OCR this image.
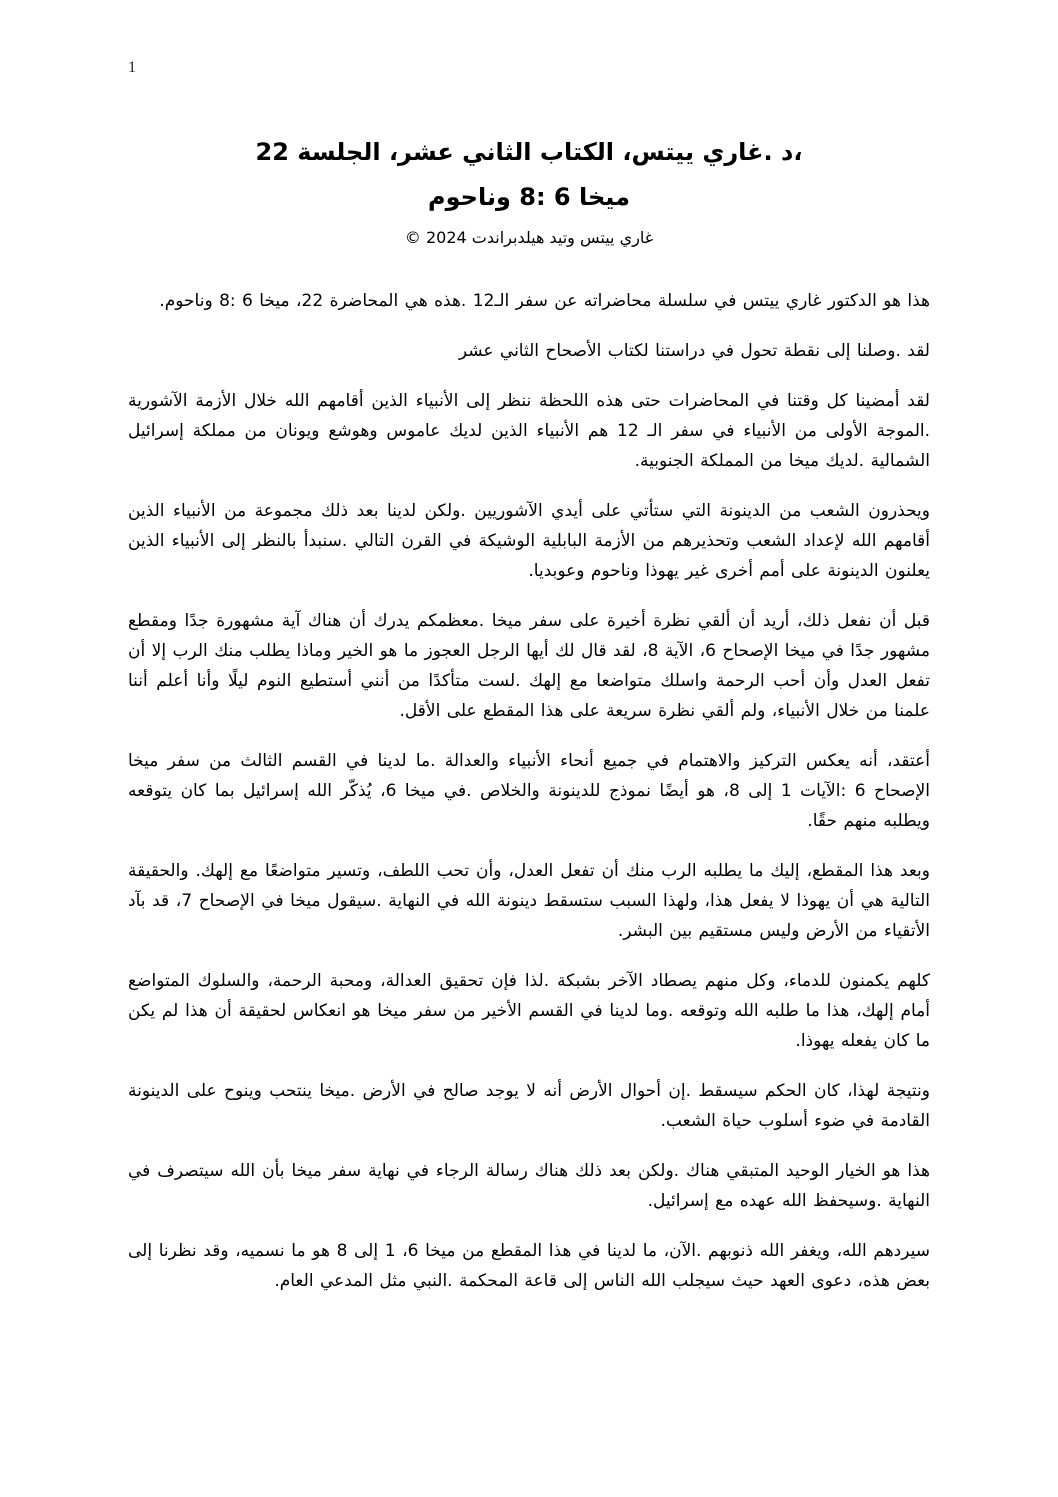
1
،د .غاري ييتس، الكتاب الثاني عشر، الجلسة 22
ميخا 6 :8 وناحوم
غاري ييتس وتيد هيلدبراندت 2024 ©

هذا هو الدكتور غاري ييتس في سلسلة محاضراته عن سفر الـ12 .هذه هي المحاضرة 22، ميخا 6 :8 وناحوم.

لقد .وصلنا إلى نقطة تحول في دراستنا لكتاب الأصحاح الثاني عشر

لقد أمضينا كل وقتنا في المحاضرات حتى هذه اللحظة ننظر إلى الأنبياء الذين أقامهم الله خلال الأزمة الآشورية .الموجة الأولى من الأنبياء في سفر الـ 12 هم الأنبياء الذين لديك عاموس وهوشع ويونان من مملكة إسرائيل الشمالية .لديك ميخا من المملكة الجنوبية.

ويحذرون الشعب من الدينونة التي ستأتي على أيدي الآشوريين .ولكن لدينا بعد ذلك مجموعة من الأنبياء الذين أقامهم الله لإعداد الشعب وتحذيرهم من الأزمة البابلية الوشيكة في القرن التالي .سنبدأ بالنظر إلى الأنبياء الذين يعلنون الدينونة على أمم أخرى غير يهوذا وناحوم وعوبديا.

قبل أن نفعل ذلك، أريد أن ألقي نظرة أخيرة على سفر ميخا .معظمكم يدرك أن هناك آية مشهورة جدًا ومقطع مشهور جدًا في ميخا الإصحاح 6، الآية 8، لقد قال لك أيها الرجل العجوز ما هو الخير وماذا يطلب منك الرب إلا أن تفعل العدل وأن أحب الرحمة واسلك متواضعا مع إلهك .لست متأكدًا من أنني أستطيع النوم ليلًا وأنا أعلم أننا علمنا من خلال الأنبياء، ولم ألقي نظرة سريعة على هذا المقطع على الأقل.

أعتقد، أنه يعكس التركيز والاهتمام في جميع أنحاء الأنبياء والعدالة .ما لدينا في القسم الثالث من سفر ميخا الإصحاح 6 :الآيات 1 إلى 8، هو أيضًا نموذج للدينونة والخلاص .في ميخا 6، يُذكّر الله إسرائيل بما كان يتوقعه ويطلبه منهم حقًا.

وبعد هذا المقطع، إليك ما يطلبه الرب منك أن تفعل العدل، وأن تحب اللطف، وتسير متواضعًا مع إلهك. والحقيقة التالية هي أن يهوذا لا يفعل هذا، ولهذا السبب ستسقط دينونة الله في النهاية .سيقول ميخا في الإصحاح 7، قد بآد الأتقياء من الأرض وليس مستقيم بين البشر.

كلهم يكمنون للدماء، وكل منهم يصطاد الآخر بشبكة .لذا فإن تحقيق العدالة، ومحبة الرحمة، والسلوك المتواضع أمام إلهك، هذا ما طلبه الله وتوقعه .وما لدينا في القسم الأخير من سفر ميخا هو انعكاس لحقيقة أن هذا لم يكن ما كان يفعله يهوذا.

ونتيجة لهذا، كان الحكم سيسقط .إن أحوال الأرض أنه لا يوجد صالح في الأرض .ميخا ينتحب وينوح على الدينونة القادمة في ضوء أسلوب حياة الشعب.

هذا هو الخيار الوحيد المتبقي هناك .ولكن بعد ذلك هناك رسالة الرجاء في نهاية سفر ميخا بأن الله سيتصرف في النهاية .وسيحفظ الله عهده مع إسرائيل.

سيردهم الله، ويغفر الله ذنوبهم .الآن، ما لدينا في هذا المقطع من ميخا 6، 1 إلى 8 هو ما نسميه، وقد نظرنا إلى بعض هذه، دعوى العهد حيث سيجلب الله الناس إلى قاعة المحكمة .النبي مثل المدعي العام.
